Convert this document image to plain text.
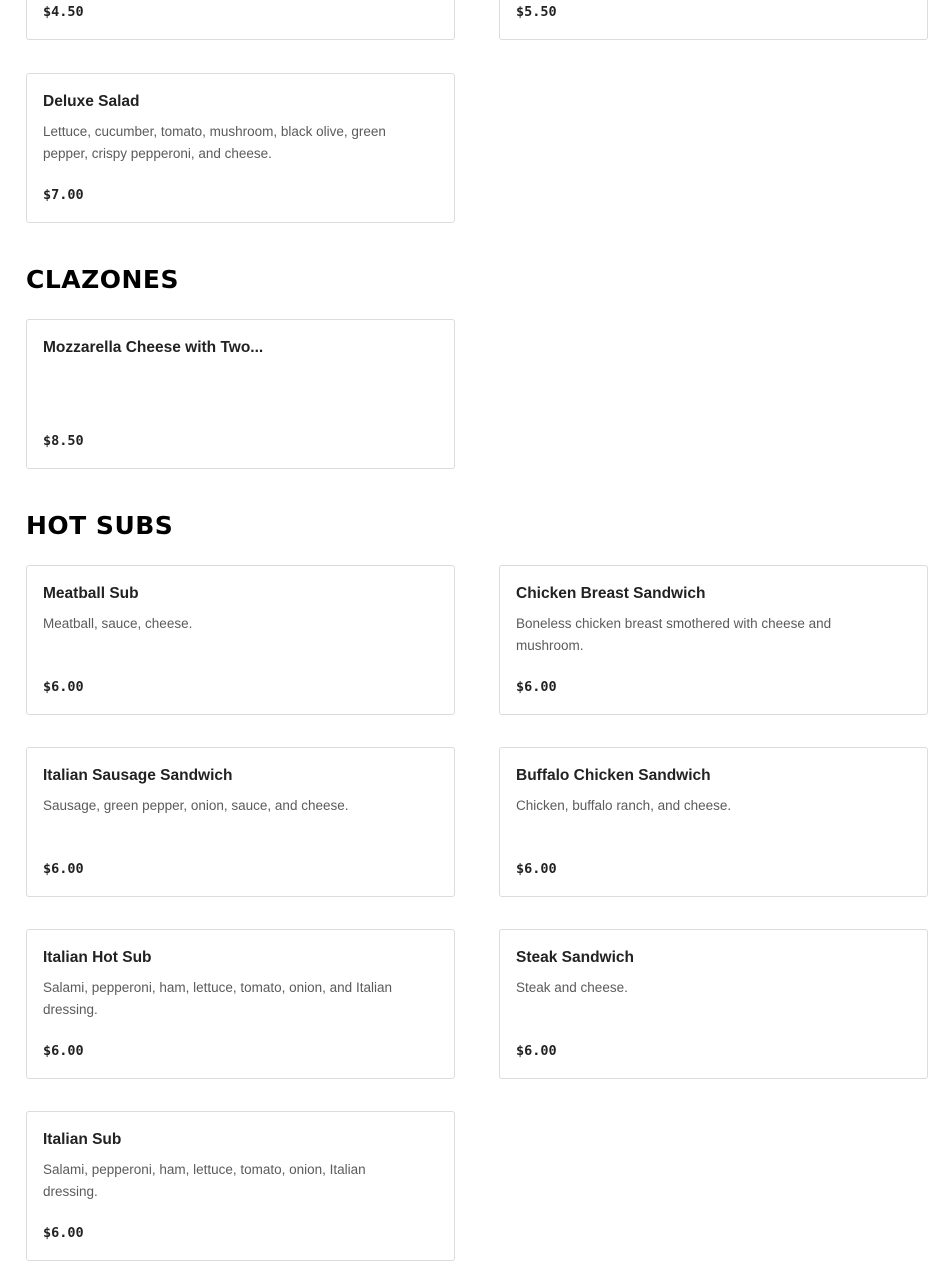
$4.50	$5.50
Deluxe Salad
Lettuce, cucumber, tomato, mushroom, black olive, green pepper, crispy pepperoni, and cheese.
$7.00
CLAZONES
Mozzarella Cheese with Two...
$8.50
HOT SUBS
Meatball Sub
Meatball, sauce, cheese.
$6.00
Chicken Breast Sandwich
Boneless chicken breast smothered with cheese and mushroom.
$6.00
Italian Sausage Sandwich
Sausage, green pepper, onion, sauce, and cheese.
$6.00
Buffalo Chicken Sandwich
Chicken, buffalo ranch, and cheese.
$6.00
Italian Hot Sub
Salami, pepperoni, ham, lettuce, tomato, onion, and Italian dressing.
$6.00
Steak Sandwich
Steak and cheese.
$6.00
Italian Sub
Salami, pepperoni, ham, lettuce, tomato, onion, Italian dressing.
$6.00
